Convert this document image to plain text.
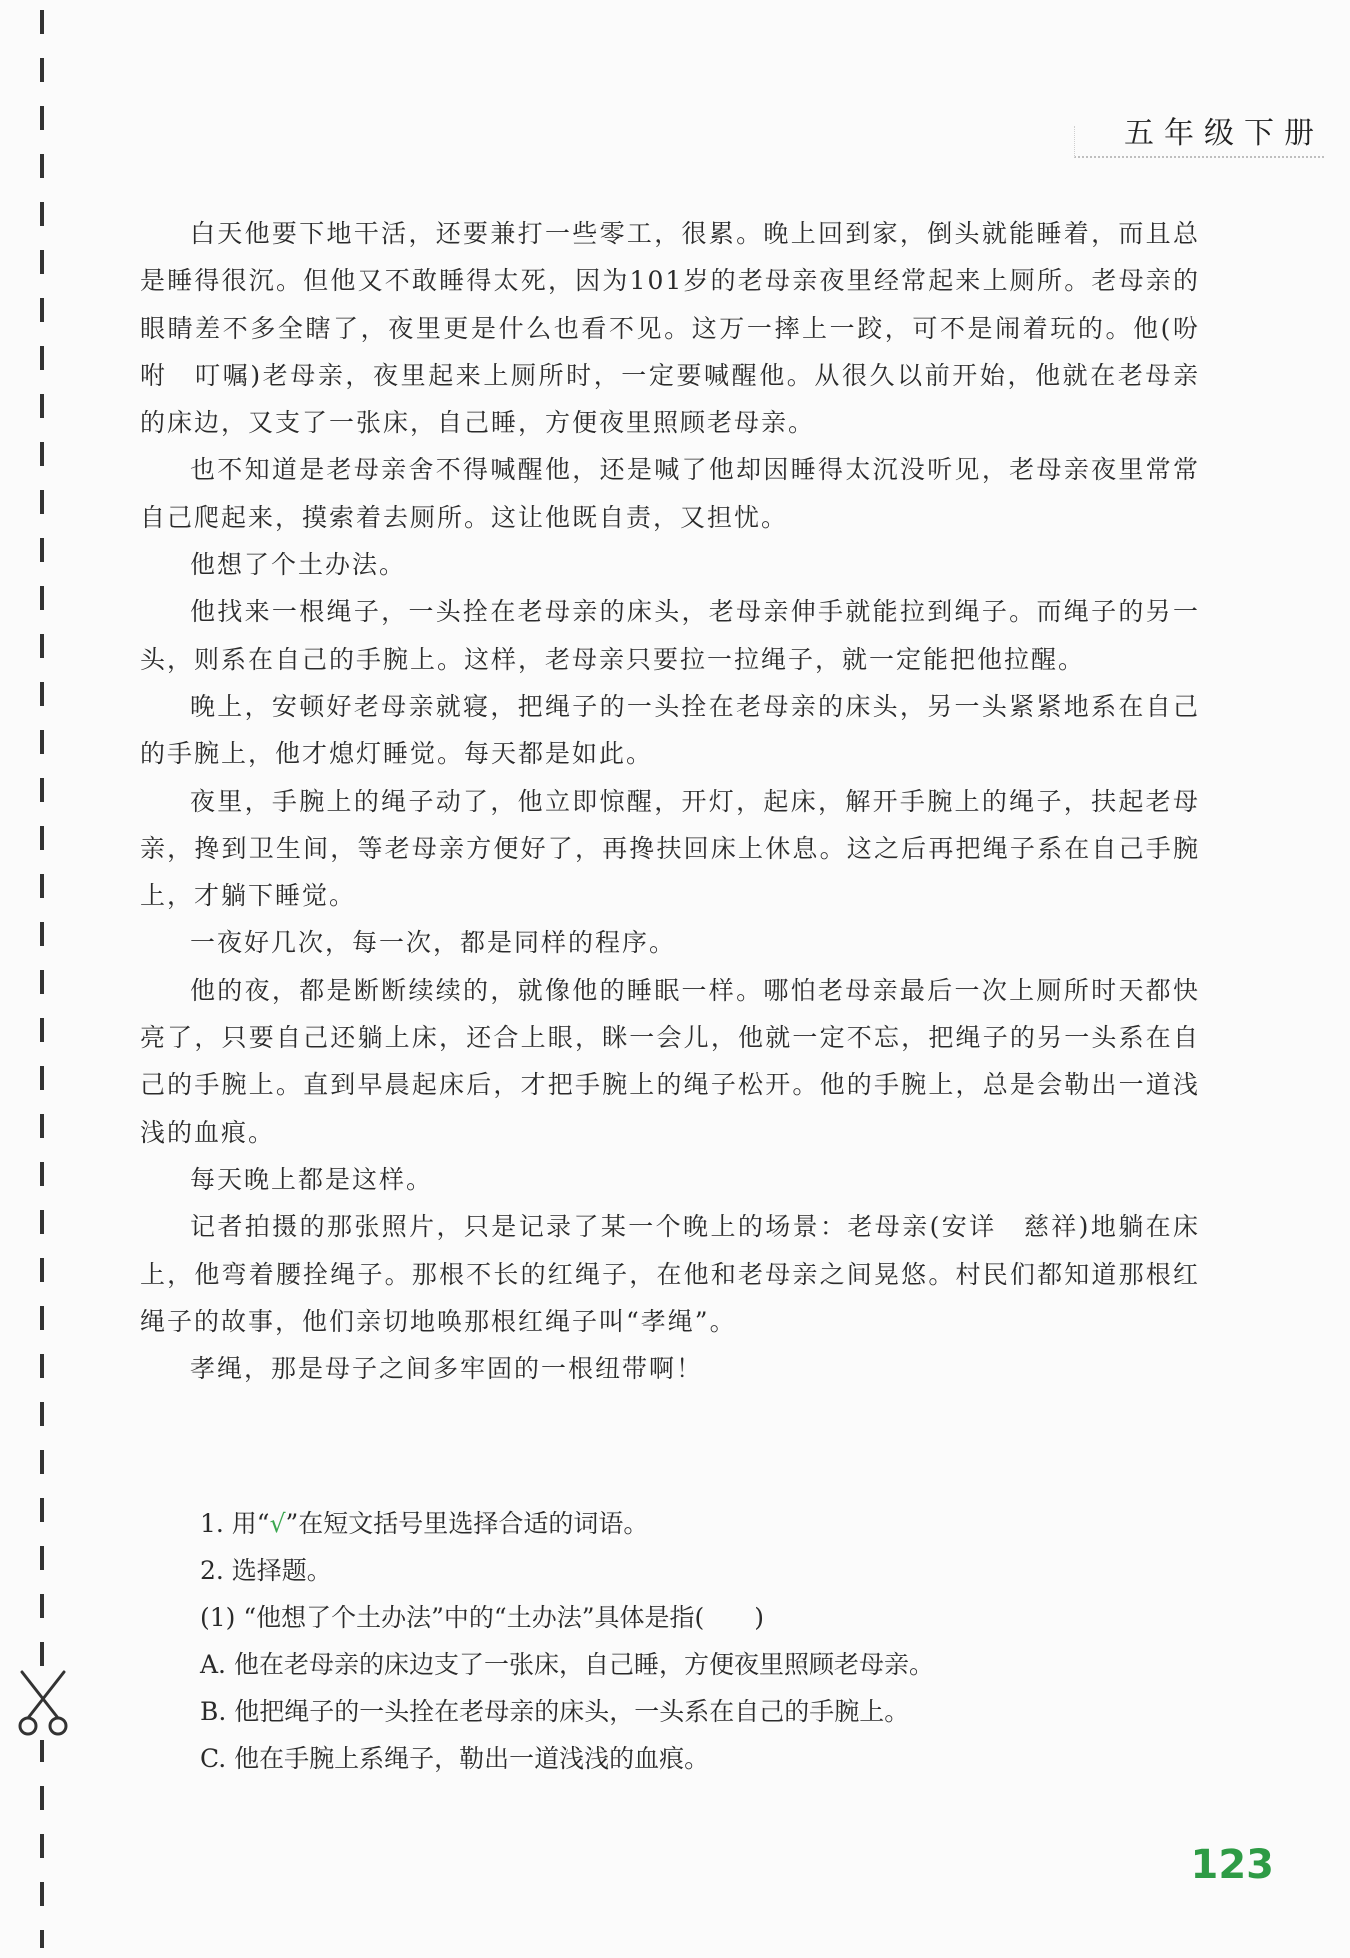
五年级下册

白天他要下地干活，还要兼打一些零工，很累。晚上回到家，倒头就能睡着，而且总是睡得很沉。但他又不敢睡得太死，因为101岁的老母亲夜里经常起来上厕所。老母亲的眼睛差不多全瞎了，夜里更是什么也看不见。这万一摔上一跤，可不是闹着玩的。他(吩咐　叮嘱)老母亲，夜里起来上厕所时，一定要喊醒他。从很久以前开始，他就在老母亲的床边，又支了一张床，自己睡，方便夜里照顾老母亲。

也不知道是老母亲舍不得喊醒他，还是喊了他却因睡得太沉没听见，老母亲夜里常常自己爬起来，摸索着去厕所。这让他既自责，又担忧。

他想了个土办法。

他找来一根绳子，一头拴在老母亲的床头，老母亲伸手就能拉到绳子。而绳子的另一头，则系在自己的手腕上。这样，老母亲只要拉一拉绳子，就一定能把他拉醒。

晚上，安顿好老母亲就寝，把绳子的一头拴在老母亲的床头，另一头紧紧地系在自己的手腕上，他才熄灯睡觉。每天都是如此。

夜里，手腕上的绳子动了，他立即惊醒，开灯，起床，解开手腕上的绳子，扶起老母亲，搀到卫生间，等老母亲方便好了，再搀扶回床上休息。这之后再把绳子系在自己手腕上，才躺下睡觉。

一夜好几次，每一次，都是同样的程序。

他的夜，都是断断续续的，就像他的睡眠一样。哪怕老母亲最后一次上厕所时天都快亮了，只要自己还躺上床，还合上眼，眯一会儿，他就一定不忘，把绳子的另一头系在自己的手腕上。直到早晨起床后，才把手腕上的绳子松开。他的手腕上，总是会勒出一道浅浅的血痕。

每天晚上都是这样。

记者拍摄的那张照片，只是记录了某一个晚上的场景：老母亲(安详　慈祥)地躺在床上，他弯着腰拴绳子。那根不长的红绳子，在他和老母亲之间晃悠。村民们都知道那根红绳子的故事，他们亲切地唤那根红绳子叫“孝绳”。

孝绳，那是母子之间多牢固的一根纽带啊！

1. 用“√”在短文括号里选择合适的词语。
2. 选择题。
(1) “他想了个土办法”中的“土办法”具体是指(　　)
A. 他在老母亲的床边支了一张床，自己睡，方便夜里照顾老母亲。
B. 他把绳子的一头拴在老母亲的床头，一头系在自己的手腕上。
C. 他在手腕上系绳子，勒出一道浅浅的血痕。
123
